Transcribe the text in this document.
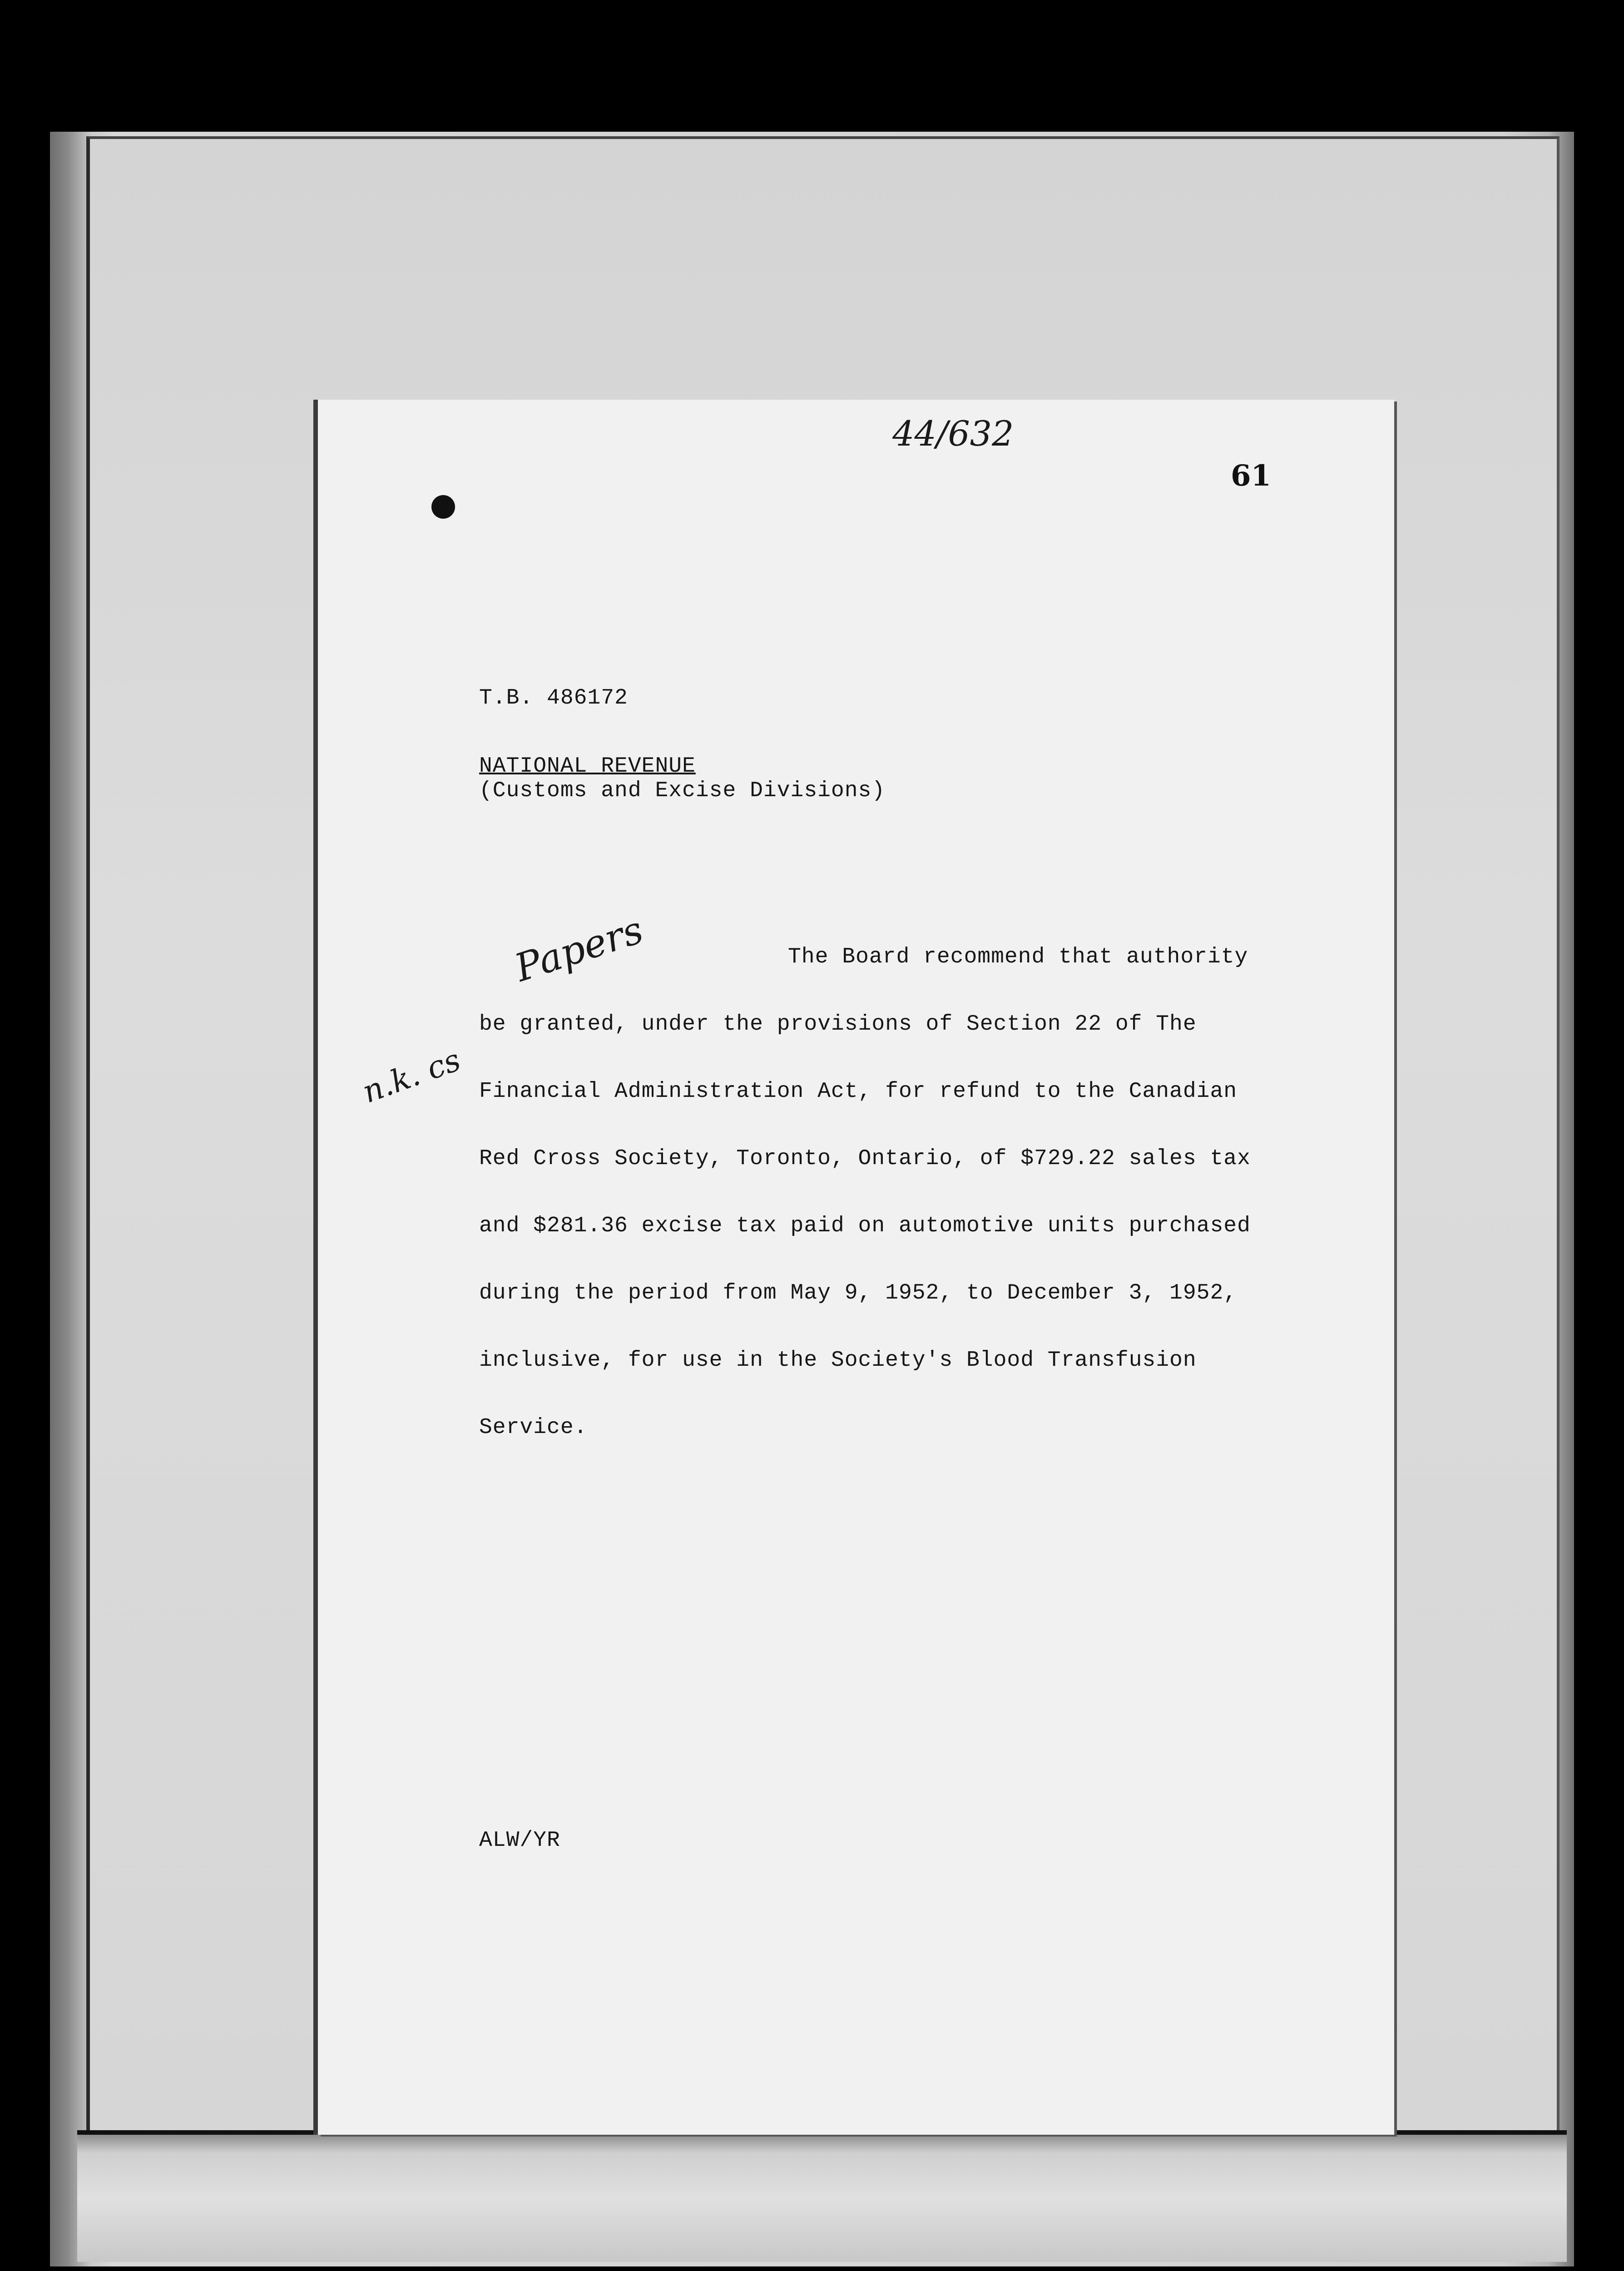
44/632
61
T.B. 486172
NATIONAL REVENUE
(Customs and Excise Divisions)
Papers
n.k. cs
The Board recommend that authority
be granted, under the provisions of Section 22 of The
Financial Administration Act, for refund to the Canadian
Red Cross Society, Toronto, Ontario, of $729.22 sales tax
and $281.36 excise tax paid on automotive units purchased
during the period from May 9, 1952, to December 3, 1952,
inclusive, for use in the Society's Blood Transfusion
Service.
ALW/YR
